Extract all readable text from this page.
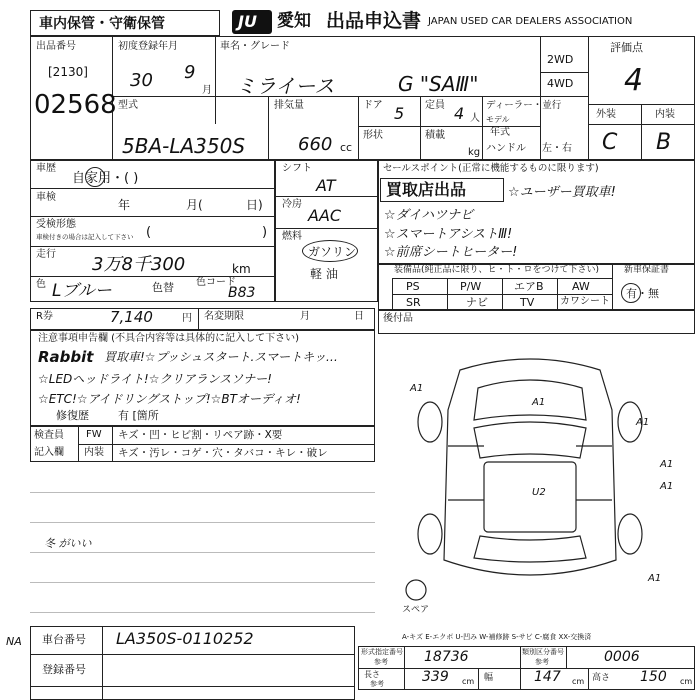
車内保管・守衛保管	JU 愛知 出品申込書 JAPAN USED CAR DEALERS ASSOCIATION
出品番号
[2130]
02568
初度登録年月
30 9
月
車名・グレード
ミライース	G "SAⅢ"
2WD
4WD
評価点
4
外装	内装
C B
型式
5BA-LA350S
排気量
660 cc
ドア 5 定員 4 人
ディーラー・並行
モデル
年式
形状	積載
kg ハンドル 左・右
車歴
自家用・( )
車検
年	月(	日)
受検形態
車検付きの場合は記入して下さい (	)
走行 3万8千300	km
色 Lブルー	色替 色コード
B83
シフト
AT
冷房
AAC
燃料
ガソリン
軽 油
セールスポイント(正常に機能するものに限ります)
買取店出品	☆ユーザー買取車!
☆ダイハツナビ
☆スマートアシストⅢ!
☆前席シートヒーター!
装備品(純正品に限り、ヒ・ト・ロをつけて下さい)	新車保証書
有・無
PS	P/W	エアB	AW
SR	ナビ	TV	カワシート
R券	7,140	円 名変期限	月	日 後付品
注意事項申告欄 (不具合内容等は具体的に記入して下さい)
Rabbit 買取車!☆プッシュスタート.スマートキッ…
☆LEDヘッドライト!☆クリアランスソナー!
☆ETC!☆アイドリングストップ!☆BTオーディオ!
修復歴	有 [箇所
検査員
記入欄
FW キズ・凹・ヒビ割・リペア跡・X要
内装 キズ・汚レ・コゲ・穴・タバコ・キレ・破レ
冬 がいい
スペア
A1
A1
A1
U2
A1
A1
A1
A-キズ E-エクボ U-凹み W-補修跡 S-サビ C-腐食 XX-交換済
NA 車台番号 LA350S-0110252
登録番号
形式指定番号
参考	18736	類別区分番号
参考	0006
長さ
参考	339 cm 幅	147 cm 高さ 150 cm
